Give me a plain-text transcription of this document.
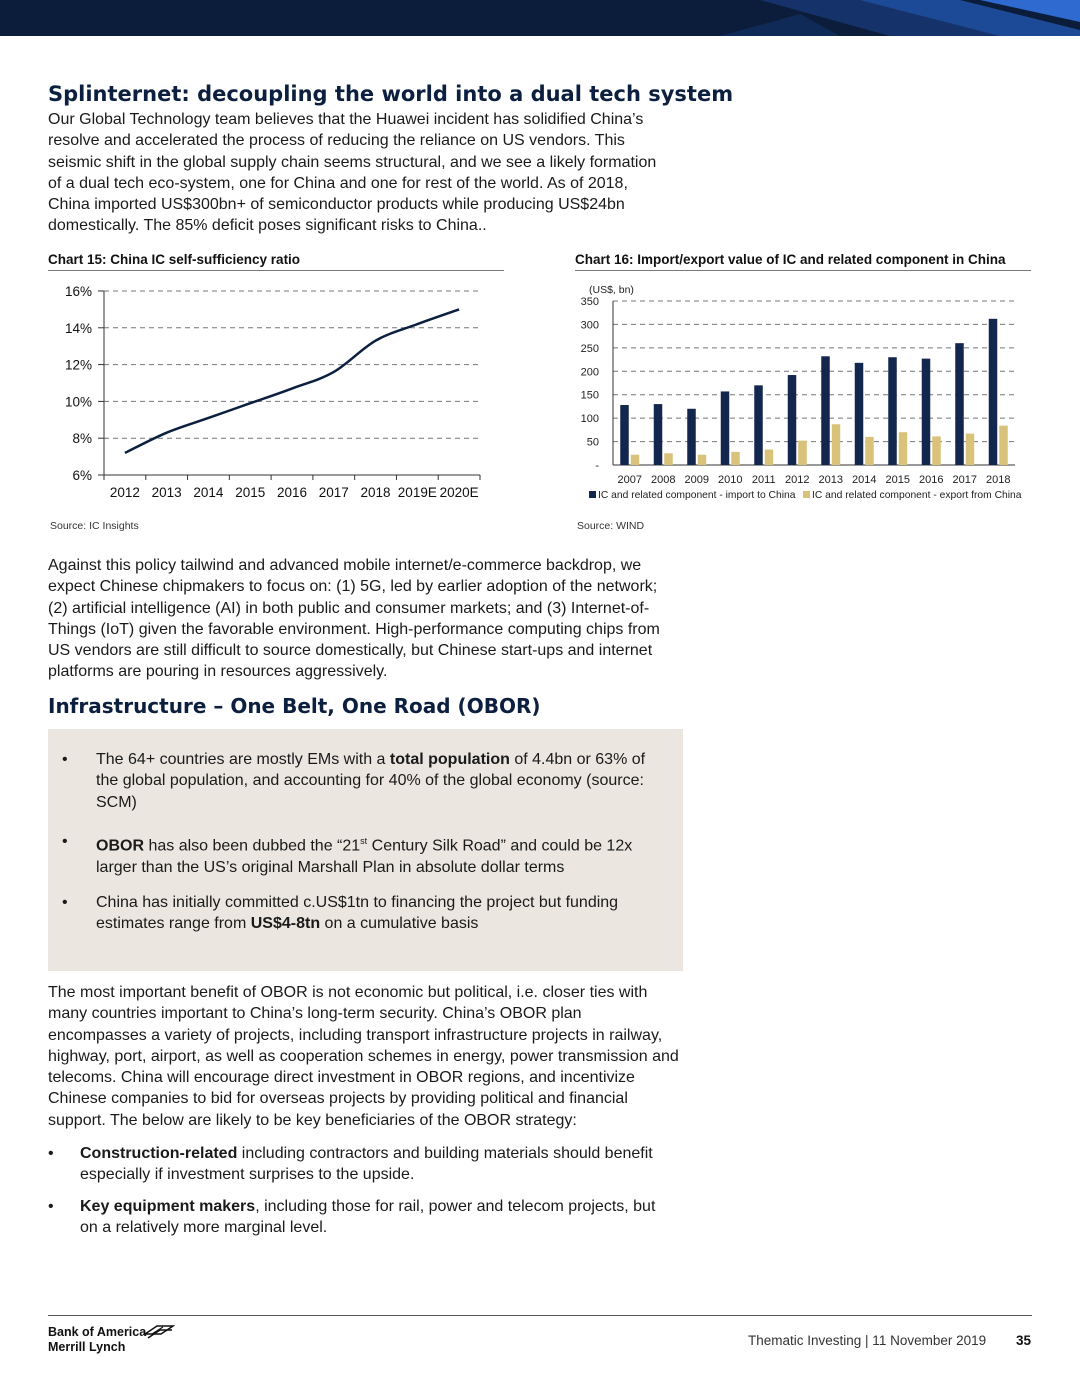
Splinternet: decoupling the world into a dual tech system
Our Global Technology team believes that the Huawei incident has solidified China’s resolve and accelerated the process of reducing the reliance on US vendors. This seismic shift in the global supply chain seems structural, and we see a likely formation of a dual tech eco-system, one for China and one for rest of the world. As of 2018, China imported US$300bn+ of semiconductor products while producing US$24bn domestically. The 85% deficit poses significant risks to China..
Chart 15: China IC self-sufficiency ratio
16%
14%
12%
10%
8%
6%
2012 2013 2014 2015 2016 2017 2018 2019E 2020E
Source: IC Insights
Chart 16: Import/export value of IC and related component in China
(US$, bn)
350
300
250
200
150
100
50
-
2007 2008 2009 2010 2011 2012 2013 2014 2015 2016 2017 2018
IC and related component - import to China IC and related component - export from China
Source: WIND
Against this policy tailwind and advanced mobile internet/e-commerce backdrop, we expect Chinese chipmakers to focus on: (1) 5G, led by earlier adoption of the network; (2) artificial intelligence (AI) in both public and consumer markets; and (3) Internet-of-Things (IoT) given the favorable environment. High-performance computing chips from US vendors are still difficult to source domestically, but Chinese start-ups and internet platforms are pouring in resources aggressively.
Infrastructure – One Belt, One Road (OBOR)
• The 64+ countries are mostly EMs with a total population of 4.4bn or 63% of the global population, and accounting for 40% of the global economy (source: SCM)
• OBOR has also been dubbed the “21st Century Silk Road” and could be 12x larger than the US’s original Marshall Plan in absolute dollar terms
• China has initially committed c.US$1tn to financing the project but funding estimates range from US$4-8tn on a cumulative basis
The most important benefit of OBOR is not economic but political, i.e. closer ties with many countries important to China’s long-term security. China’s OBOR plan encompasses a variety of projects, including transport infrastructure projects in railway, highway, port, airport, as well as cooperation schemes in energy, power transmission and telecoms. China will encourage direct investment in OBOR regions, and incentivize Chinese companies to bid for overseas projects by providing political and financial support. The below are likely to be key beneficiaries of the OBOR strategy:
• Construction-related including contractors and building materials should benefit especially if investment surprises to the upside.
• Key equipment makers, including those for rail, power and telecom projects, but on a relatively more marginal level.
Bank of America
Merrill Lynch	Thematic Investing | 11 November 2019 35
